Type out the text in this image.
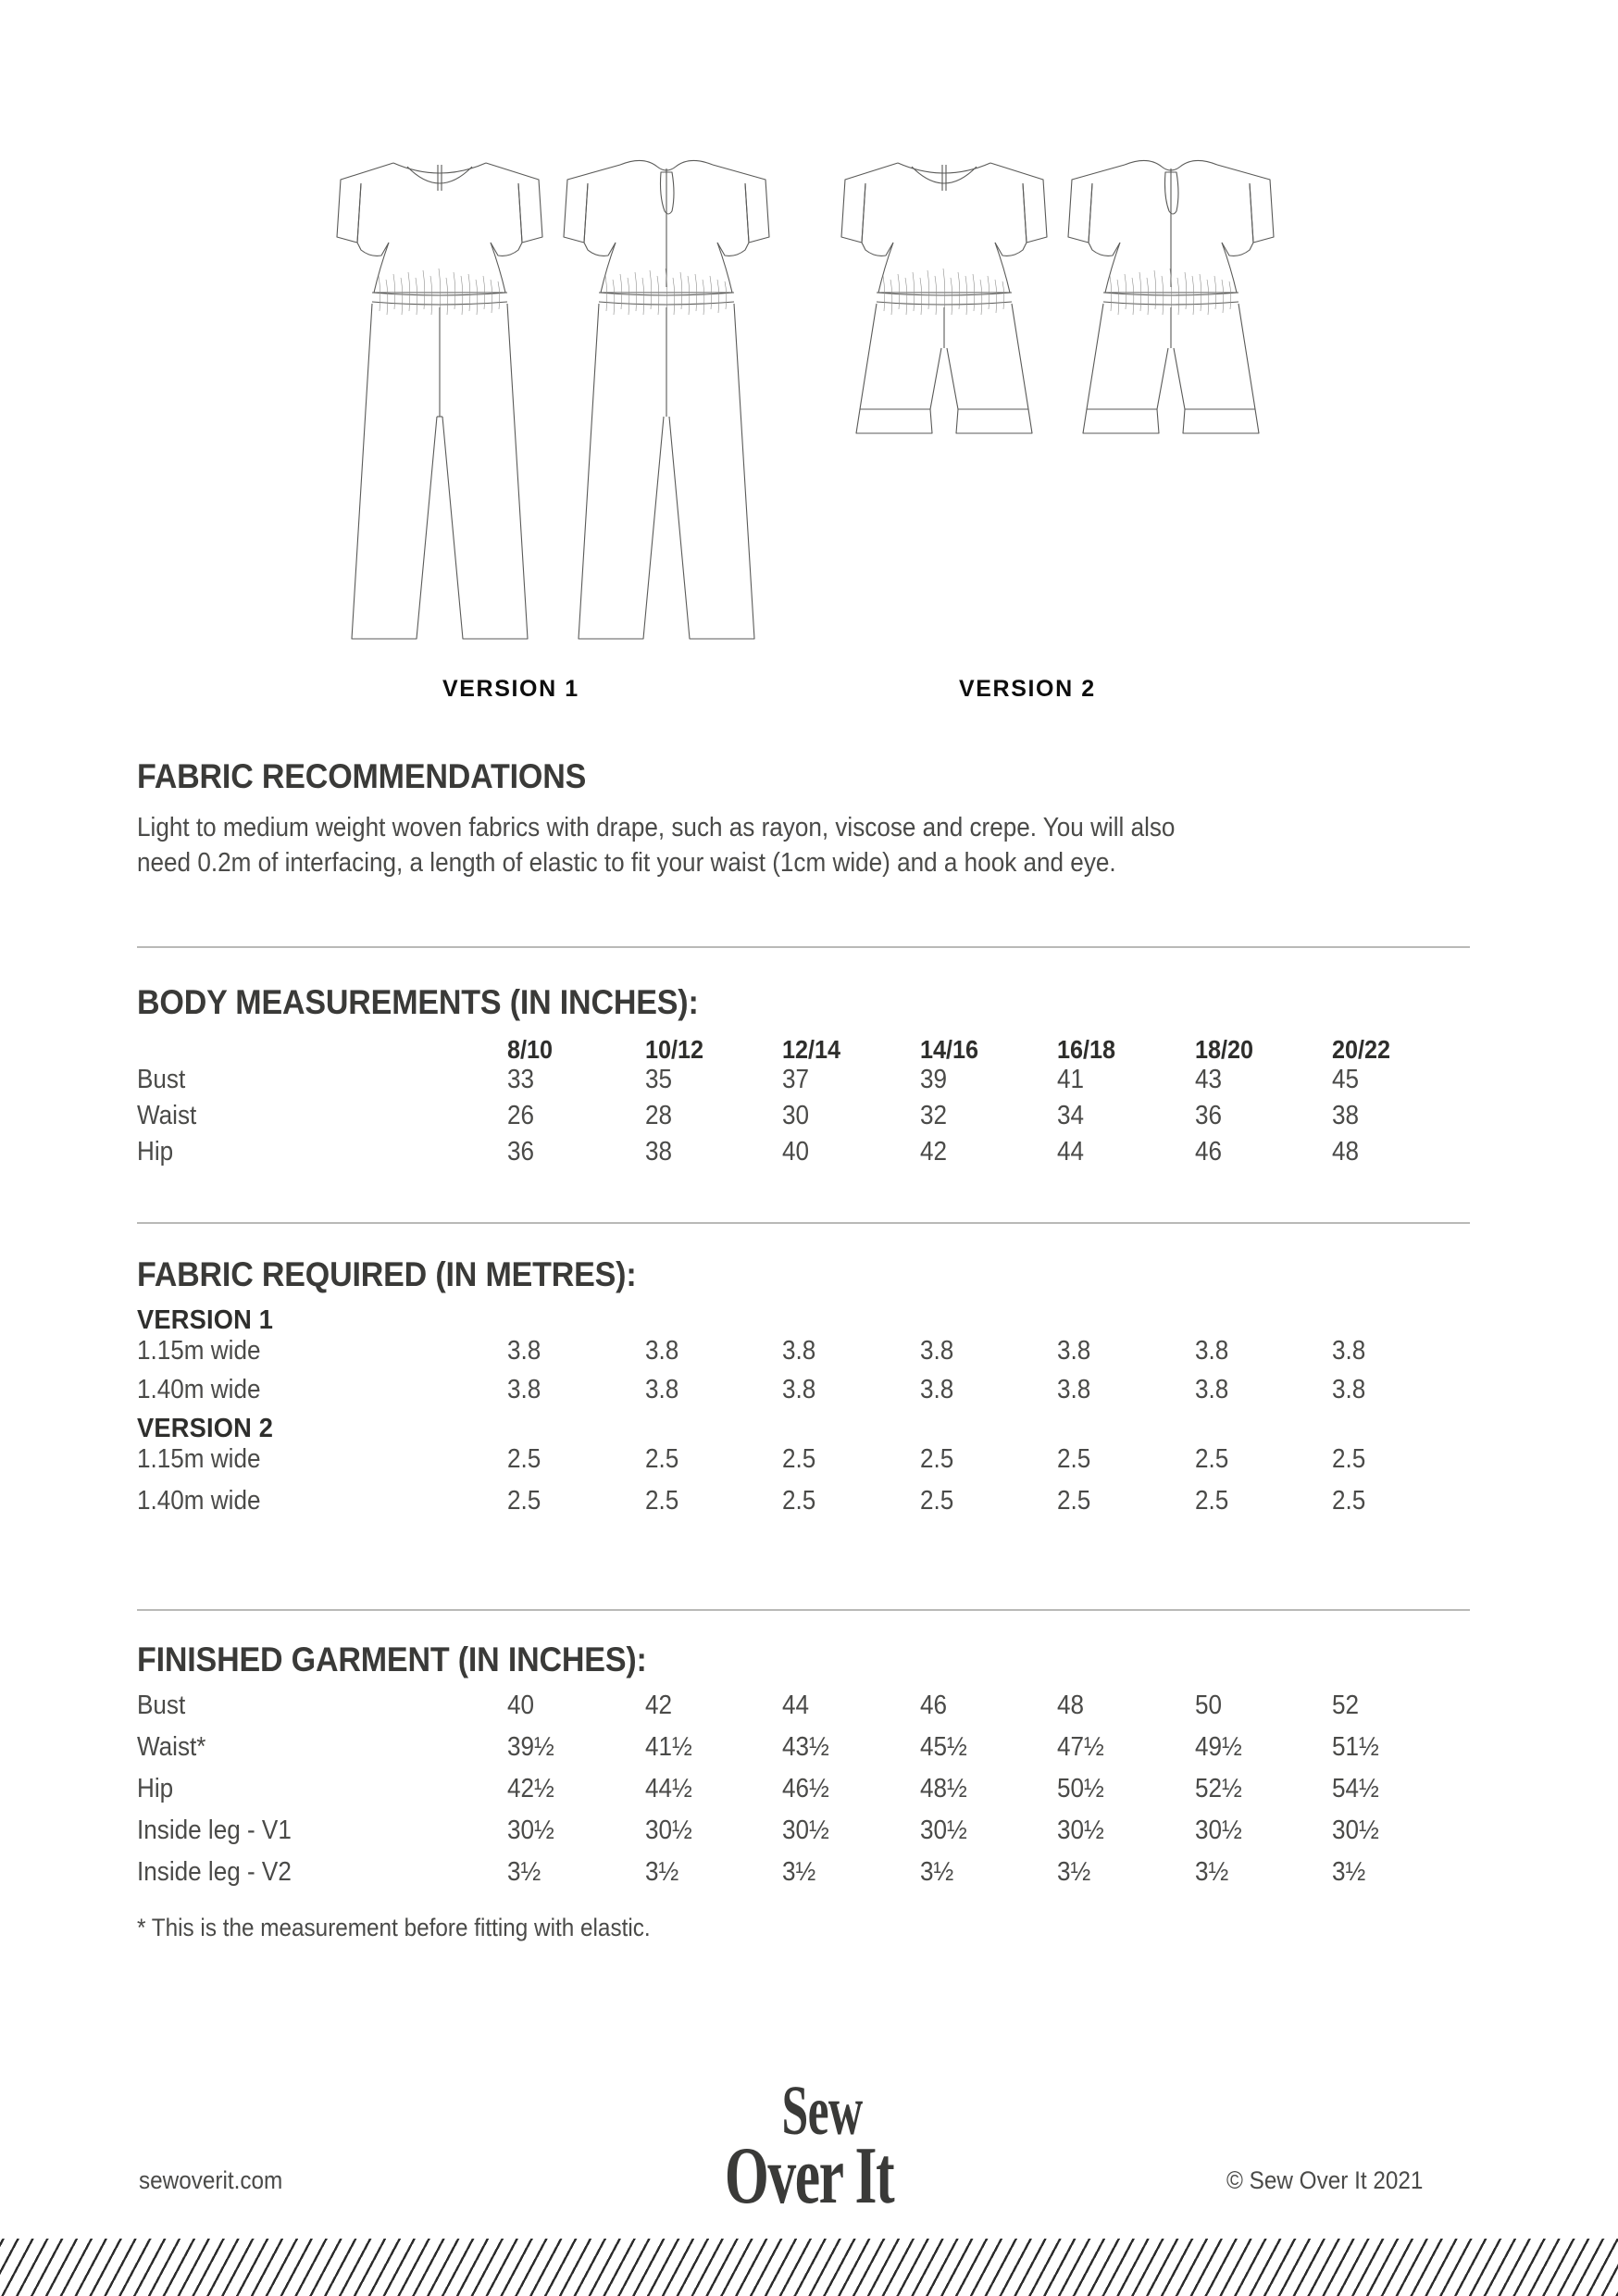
VERSION 1	VERSION 2
FABRIC RECOMMENDATIONS
Light to medium weight woven fabrics with drape, such as rayon, viscose and crepe. You will also
need 0.2m of interfacing, a length of elastic to fit your waist (1cm wide) and a hook and eye.
BODY MEASUREMENTS (IN INCHES):
	8/10	10/12	12/14	14/16	16/18	18/20	20/22
Bust	33	35	37	39	41	43	45
Waist	26	28	30	32	34	36	38
Hip	36	38	40	42	44	46	48
FABRIC REQUIRED (IN METRES):
VERSION 1
1.15m wide	3.8	3.8	3.8	3.8	3.8	3.8	3.8
1.40m wide	3.8	3.8	3.8	3.8	3.8	3.8	3.8
VERSION 2
1.15m wide	2.5	2.5	2.5	2.5	2.5	2.5	2.5
1.40m wide	2.5	2.5	2.5	2.5	2.5	2.5	2.5
FINISHED GARMENT (IN INCHES):
Bust	40	42	44	46	48	50	52
Waist*	39½	41½	43½	45½	47½	49½	51½
Hip	42½	44½	46½	48½	50½	52½	54½
Inside leg - V1	30½	30½	30½	30½	30½	30½	30½
Inside leg - V2	3½	3½	3½	3½	3½	3½	3½
* This is the measurement before fitting with elastic.
sewoverit.com
Sew
Over It	© Sew Over It 2021
